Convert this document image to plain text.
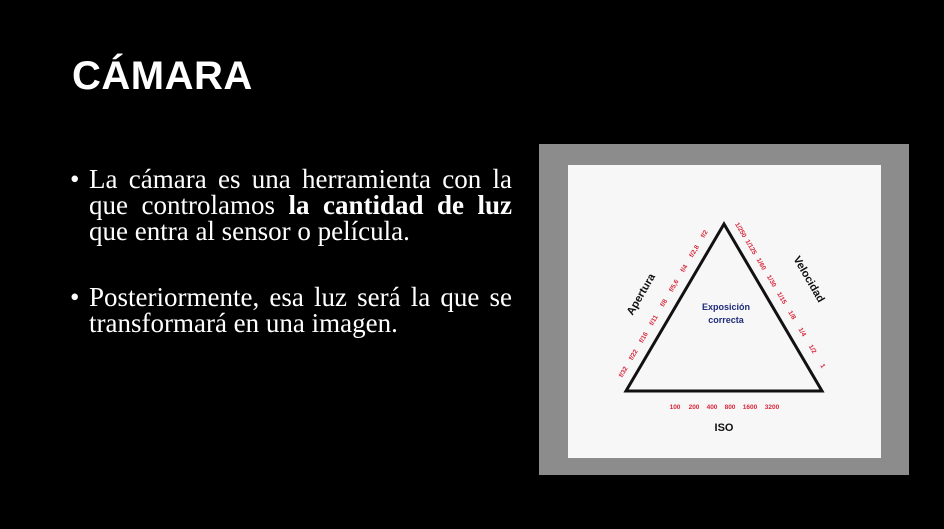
CÁMARA
• La cámara es una herramienta con la que controlamos la cantidad de luz que entra al sensor o película.
• Posteriormente, esa luz será la que se transformará en una imagen.
Exposición
correcta
Apertura	Velocidad
ISO
f/32
f/22
f/16
f/11
f/8
f/5,6
f/4
f/2,8
f/2	1/250
1/125
1/60
1/30
1/15
1/8
1/4
1/2
1
100 200 400 800 1600 3200
